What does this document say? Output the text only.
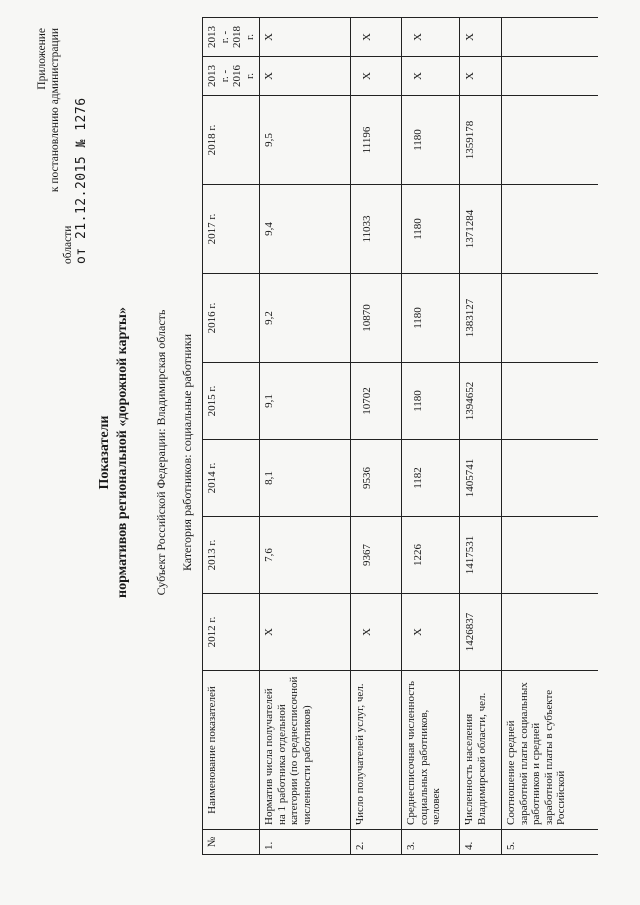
Приложение к постановлению администрации
области от 21.12.2015 № 1276
Показатели нормативов региональной «дорожной карты» Субъект Российской Федерации: Владимирская область Категория работников: социальные работники
№	Наименование показателей	2012 г.	2013 г.	2014 г.	2015 г.	2016 г.	2017 г.	2018 г.	2013 г. - 2016 г.	2013 г. - 2018 г.
1.	Норматив числа получателей на 1 работника отдельной категории (по среднесписочной численности работников)	Х	7,6	8,1	9,1	9,2	9,4	9,5	Х	Х
2.	Число получателей услуг, чел.	Х	9367	9536	10702	10870	11033	11196	Х	Х
3.	Среднесписочная численность социальных работников, человек	Х	1226	1182	1180	1180	1180	1180	Х	Х
4.	Численность населения Владимирской области, чел.	1426837	1417531	1405741	1394652	1383127	1371284	1359178	Х	Х
5.	Соотношение средней заработной платы социальных работников и средней заработной платы в субъекте Российской									
